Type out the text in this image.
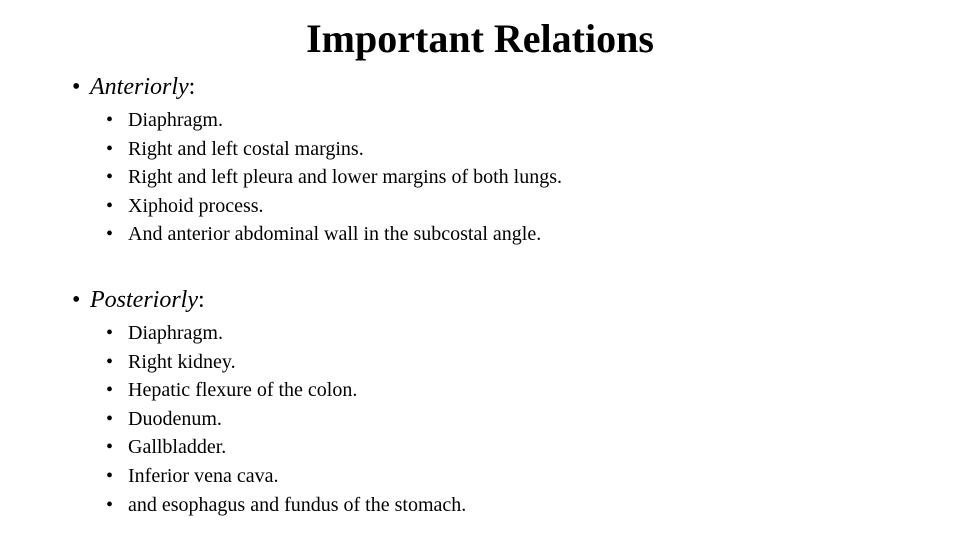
Important Relations
• Anteriorly:
• Diaphragm.
• Right and left costal margins.
• Right and left pleura and lower margins of both lungs.
• Xiphoid process.
• And anterior abdominal wall in the subcostal angle.
• Posteriorly:
• Diaphragm.
• Right kidney.
• Hepatic flexure of the colon.
• Duodenum.
• Gallbladder.
• Inferior vena cava.
• and esophagus and fundus of the stomach.
